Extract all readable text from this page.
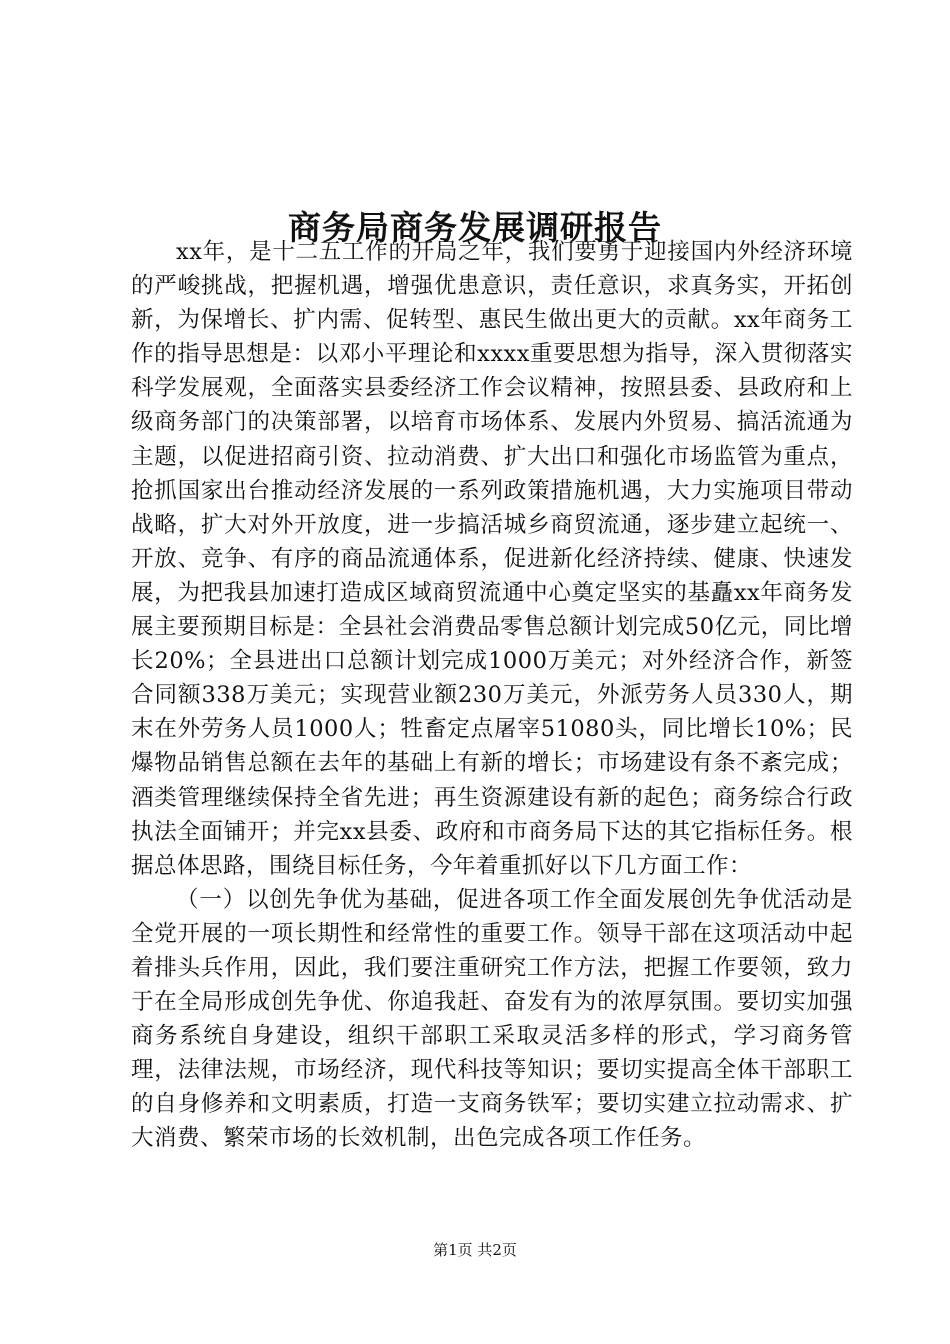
商务局商务发展调研报告

xx年，是十二五工作的开局之年，我们要勇于迎接国内外经济环境的严峻挑战，把握机遇，增强优患意识，责任意识，求真务实，开拓创新，为保增长、扩内需、促转型、惠民生做出更大的贡献。xx年商务工作的指导思想是：以邓小平理论和xxxx重要思想为指导，深入贯彻落实科学发展观，全面落实县委经济工作会议精神，按照县委、县政府和上级商务部门的决策部署，以培育市场体系、发展内外贸易、搞活流通为主题，以促进招商引资、拉动消费、扩大出口和强化市场监管为重点，抢抓国家出台推动经济发展的一系列政策措施机遇，大力实施项目带动战略，扩大对外开放度，进一步搞活城乡商贸流通，逐步建立起统一、开放、竞争、有序的商品流通体系，促进新化经济持续、健康、快速发展，为把我县加速打造成区域商贸流通中心奠定坚实的基矗xx年商务发展主要预期目标是：全县社会消费品零售总额计划完成50亿元，同比增长20%；全县进出口总额计划完成1000万美元；对外经济合作，新签合同额338万美元；实现营业额230万美元，外派劳务人员330人，期末在外劳务人员1000人；牲畜定点屠宰51080头，同比增长10%；民爆物品销售总额在去年的基础上有新的增长；市场建设有条不紊完成；酒类管理继续保持全省先进；再生资源建设有新的起色；商务综合行政执法全面铺开；并完xx县委、政府和市商务局下达的其它指标任务。根据总体思路，围绕目标任务，今年着重抓好以下几方面工作：

（一）以创先争优为基础，促进各项工作全面发展创先争优活动是全党开展的一项长期性和经常性的重要工作。领导干部在这项活动中起着排头兵作用，因此，我们要注重研究工作方法，把握工作要领，致力于在全局形成创先争优、你追我赶、奋发有为的浓厚氛围。要切实加强商务系统自身建设，组织干部职工采取灵活多样的形式，学习商务管理，法律法规，市场经济，现代科技等知识；要切实提高全体干部职工的自身修养和文明素质，打造一支商务铁军；要切实建立拉动需求、扩大消费、繁荣市场的长效机制，出色完成各项工作任务。

第1页 共2页
